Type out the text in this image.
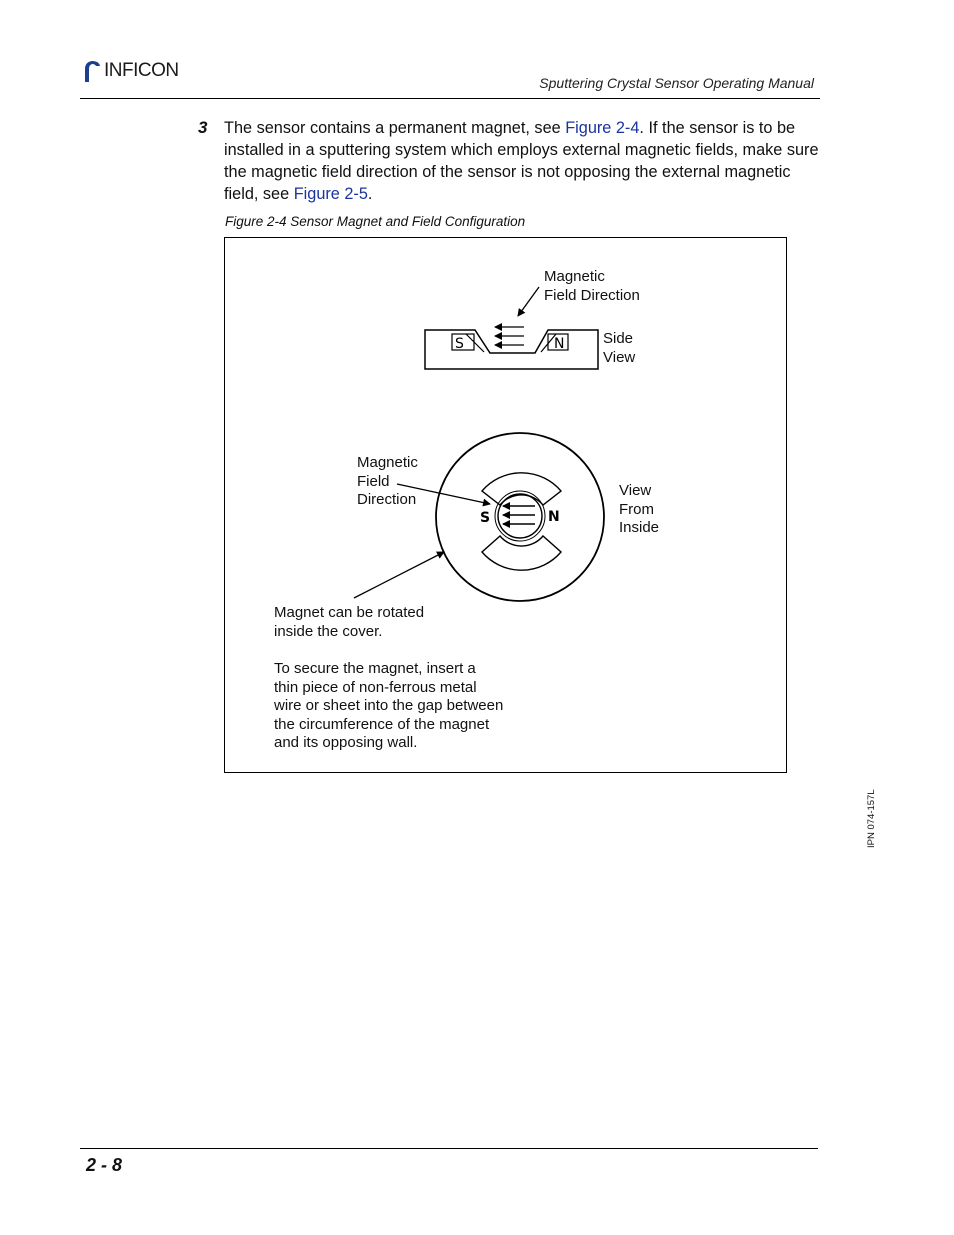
INFICON
Sputtering Crystal Sensor Operating Manual
3 The sensor contains a permanent magnet, see Figure 2-4. If the sensor is to be installed in a sputtering system which employs external magnetic fields, make sure the magnetic field direction of the sensor is not opposing the external magnetic field, see Figure 2-5.
Figure 2-4 Sensor Magnet and Field Configuration
S	N
S	N
Magnetic
Field Direction
Side
View
Magnetic
Field
Direction
View
From
Inside
Magnet can be rotated
inside the cover.
To secure the magnet, insert a
thin piece of non-ferrous metal
wire or sheet into the gap between
the circumference of the magnet
and its opposing wall.
IPN 074-157L
2 - 8
